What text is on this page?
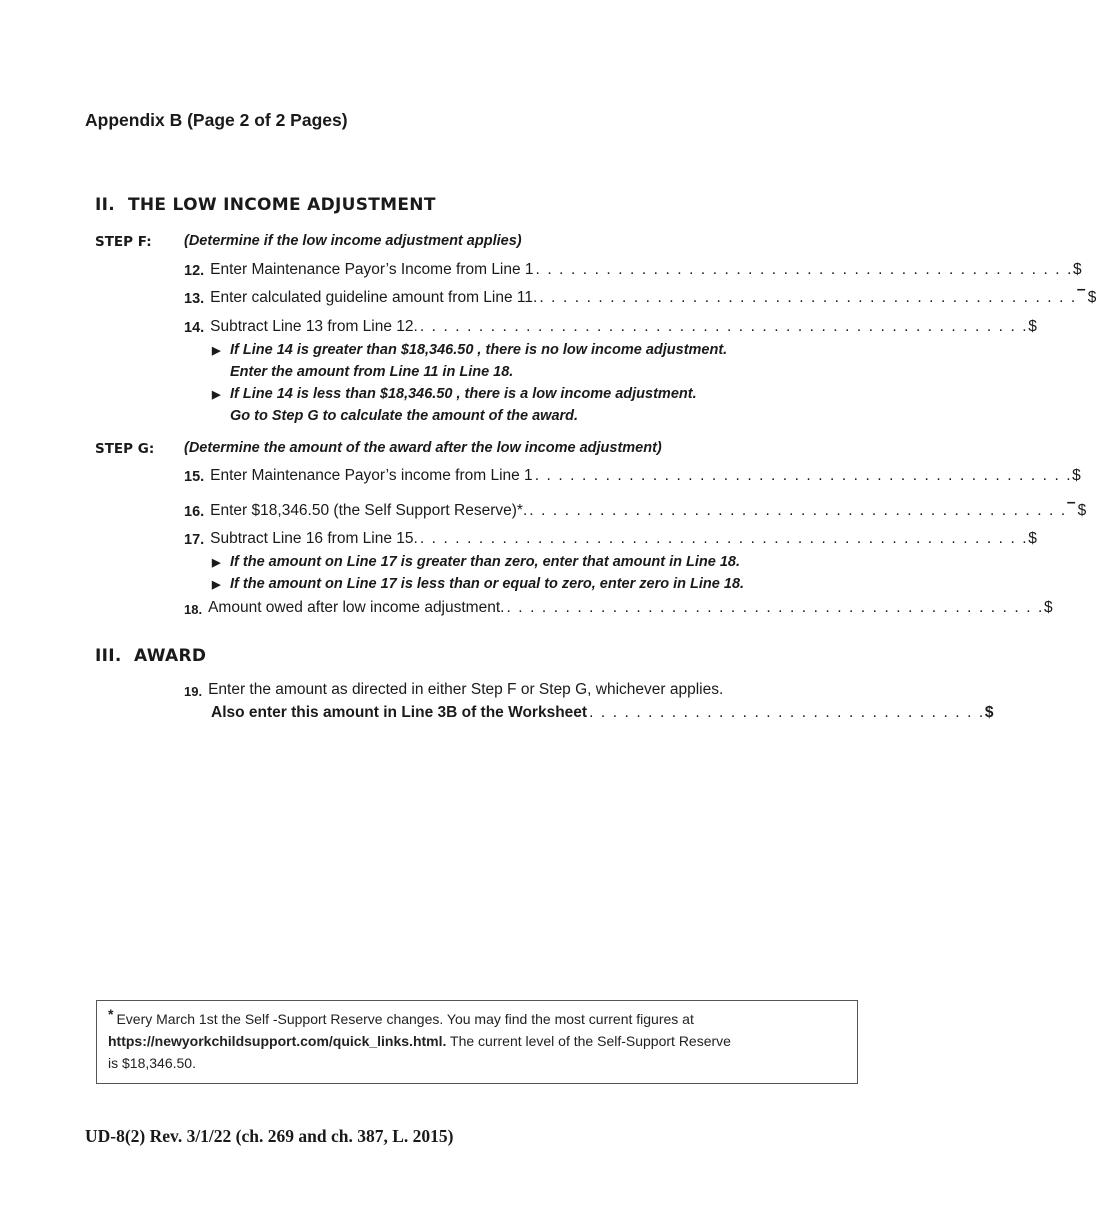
Appendix B (Page 2 of 2 Pages)
II. THE LOW INCOME ADJUSTMENT
STEP F: (Determine if the low income adjustment applies)
12. Enter Maintenance Payor’s Income from Line 1 . . . . . . . . . . . . . . . . . . . . . . . . . . . . . . . . . . . . . . . . . . . . . . $
13. Enter calculated guideline amount from Line 11. . . . . . . . . . . . . . . . . . . . . . . . . . . . . . . . . . . . . . . . . . . . . . . – $
14. Subtract Line 13 from Line 12. . . . . . . . . . . . . . . . . . . . . . . . . . . . . . . . . . . . . . . . . . . . . . . . . . . . . $
▶ If Line 14 is greater than $18,346.50 , there is no low income adjustment.
Enter the amount from Line 11 in Line 18.
▶ If Line 14 is less than $18,346.50 , there is a low income adjustment.
Go to Step G to calculate the amount of the award.
STEP G: (Determine the amount of the award after the low income adjustment)
15. Enter Maintenance Payor’s income from Line 1 . . . . . . . . . . . . . . . . . . . . . . . . . . . . . . . . . . . . . . . . . . . . . . $
16. Enter $18,346.50 (the Self Support Reserve)*. . . . . . . . . . . . . . . . . . . . . . . . . . . . . . . . . . . . . . . . . . . . . . . – $
17. Subtract Line 16 from Line 15. . . . . . . . . . . . . . . . . . . . . . . . . . . . . . . . . . . . . . . . . . . . . . . . . . . . . $
▶ If the amount on Line 17 is greater than zero, enter that amount in Line 18.
▶ If the amount on Line 17 is less than or equal to zero, enter zero in Line 18.
18. Amount owed after low income adjustment. . . . . . . . . . . . . . . . . . . . . . . . . . . . . . . . . . . . . . . . . . . . . . . $
III. AWARD
19. Enter the amount as directed in either Step F or Step G, whichever applies.
Also enter this amount in Line 3B of the Worksheet . . . . . . . . . . . . . . . . . . . . . . . . . . . . . . . . . . $
* Every March 1st the Self -Support Reserve changes. You may find the most current figures at
https://newyorkchildsupport.com/quick_links.html. The current level of the Self-Support Reserve
is $18,346.50.
UD-8(2) Rev. 3/1/22 (ch. 269 and ch. 387, L. 2015)
